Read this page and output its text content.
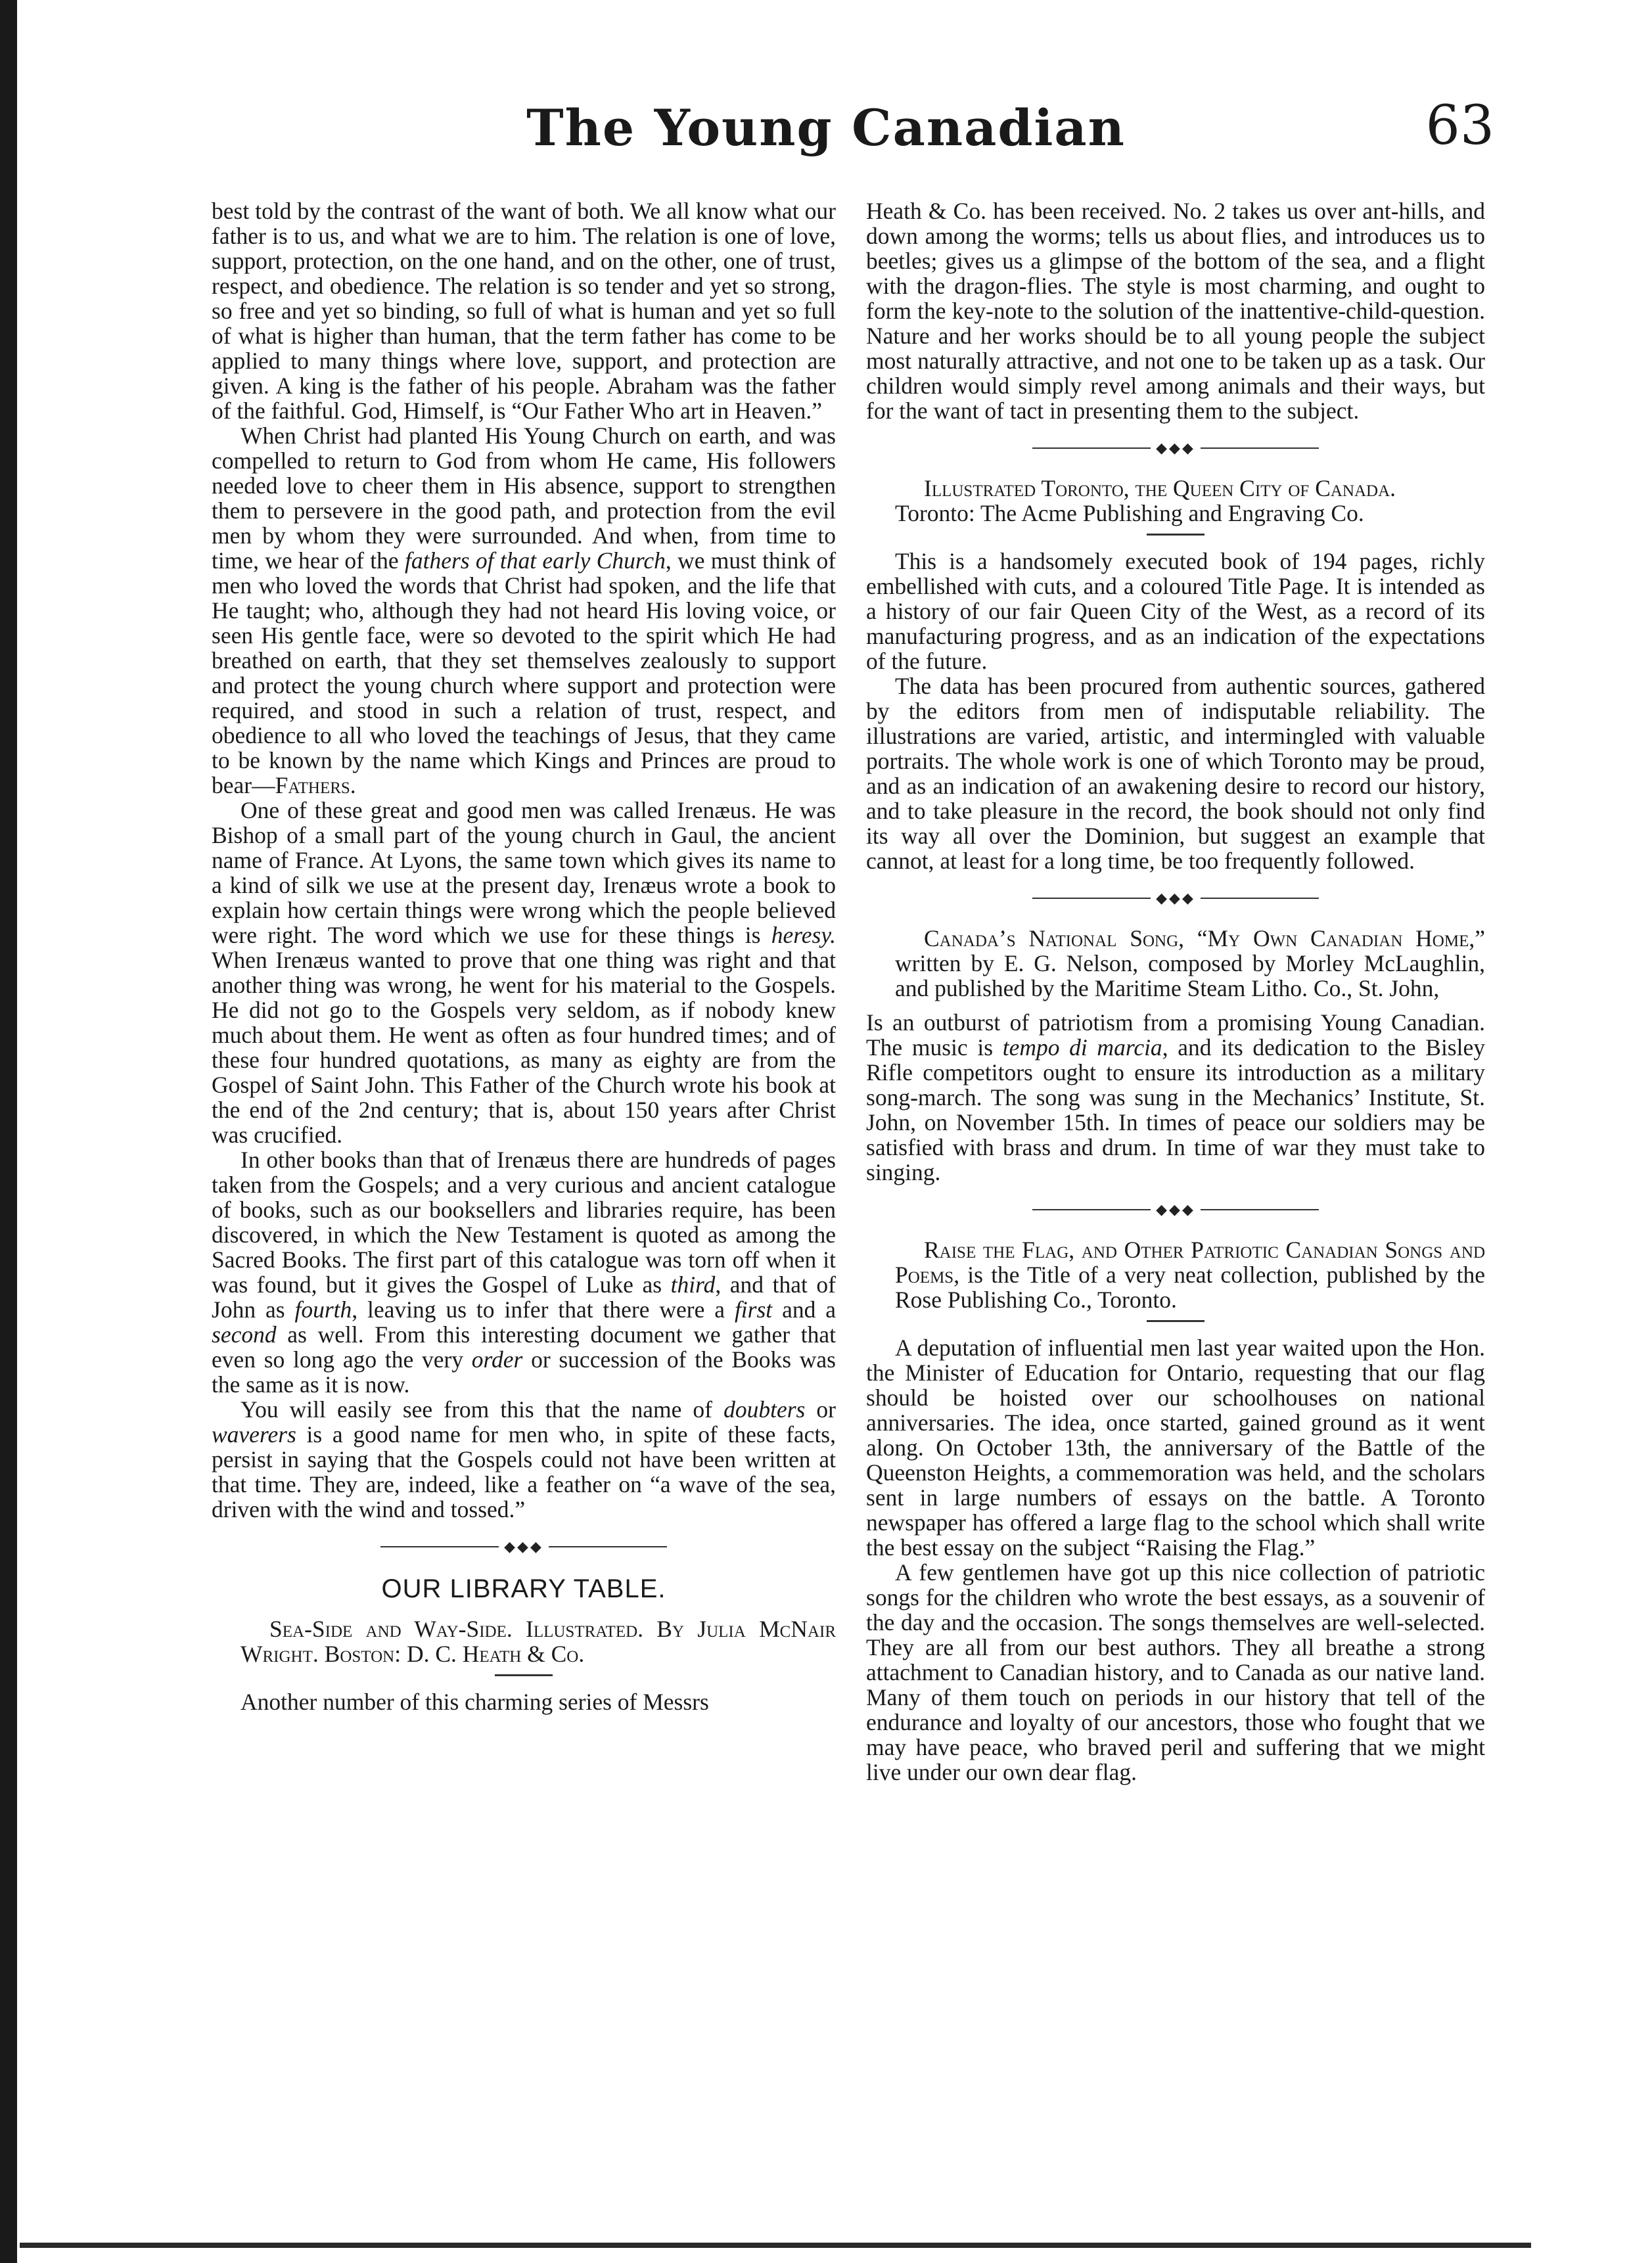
The Young Canadian	63

best told by the contrast of the want of both. We all know what our father is to us, and what we are to him. The relation is one of love, support, protection, on the one hand, and on the other, one of trust, respect, and obedience. The relation is so tender and yet so strong, so free and yet so binding, so full of what is human and yet so full of what is higher than human, that the term father has come to be applied to many things where love, support, and protection are given. A king is the father of his people. Abraham was the father of the faithful. God, Himself, is “Our Father Who art in Heaven.”

When Christ had planted His Young Church on earth, and was compelled to return to God from whom He came, His followers needed love to cheer them in His absence, support to strengthen them to persevere in the good path, and protection from the evil men by whom they were surrounded. And when, from time to time, we hear of the fathers of that early Church, we must think of men who loved the words that Christ had spoken, and the life that He taught; who, although they had not heard His loving voice, or seen His gentle face, were so devoted to the spirit which He had breathed on earth, that they set themselves zealously to support and protect the young church where support and protection were required, and stood in such a relation of trust, respect, and obedience to all who loved the teachings of Jesus, that they came to be known by the name which Kings and Princes are proud to bear—Fathers.

One of these great and good men was called Irenæus. He was Bishop of a small part of the young church in Gaul, the ancient name of France. At Lyons, the same town which gives its name to a kind of silk we use at the present day, Irenæus wrote a book to explain how certain things were wrong which the people believed were right. The word which we use for these things is heresy. When Irenæus wanted to prove that one thing was right and that another thing was wrong, he went for his material to the Gospels. He did not go to the Gospels very seldom, as if nobody knew much about them. He went as often as four hundred times; and of these four hundred quotations, as many as eighty are from the Gospel of Saint John. This Father of the Church wrote his book at the end of the 2nd century; that is, about 150 years after Christ was crucified.

In other books than that of Irenæus there are hundreds of pages taken from the Gospels; and a very curious and ancient catalogue of books, such as our booksellers and libraries require, has been discovered, in which the New Testament is quoted as among the Sacred Books. The first part of this catalogue was torn off when it was found, but it gives the Gospel of Luke as third, and that of John as fourth, leaving us to infer that there were a first and a second as well. From this interesting document we gather that even so long ago the very order or succession of the Books was the same as it is now.

You will easily see from this that the name of doubters or waverers is a good name for men who, in spite of these facts, persist in saying that the Gospels could not have been written at that time. They are, indeed, like a feather on “a wave of the sea, driven with the wind and tossed.”

◆◆◆
OUR LIBRARY TABLE.

Sea-Side and Way-Side. Illustrated. By Julia McNair Wright. Boston: D. C. Heath & Co.

Another number of this charming series of Messrs

Heath & Co. has been received. No. 2 takes us over ant-hills, and down among the worms; tells us about flies, and introduces us to beetles; gives us a glimpse of the bottom of the sea, and a flight with the dragon-flies. The style is most charming, and ought to form the key-note to the solution of the inattentive-child-question. Nature and her works should be to all young people the subject most naturally attractive, and not one to be taken up as a task. Our children would simply revel among animals and their ways, but for the want of tact in presenting them to the subject.

◆◆◆

Illustrated Toronto, the Queen City of Canada.
Toronto: The Acme Publishing and Engraving Co.

This is a handsomely executed book of 194 pages, richly embellished with cuts, and a coloured Title Page. It is intended as a history of our fair Queen City of the West, as a record of its manufacturing progress, and as an indication of the expectations of the future.

The data has been procured from authentic sources, gathered by the editors from men of indisputable reliability. The illustrations are varied, artistic, and intermingled with valuable portraits. The whole work is one of which Toronto may be proud, and as an indication of an awakening desire to record our history, and to take pleasure in the record, the book should not only find its way all over the Dominion, but suggest an example that cannot, at least for a long time, be too frequently followed.

◆◆◆

Canada’s National Song, “My Own Canadian Home,” written by E. G. Nelson, composed by Morley McLaughlin, and published by the Maritime Steam Litho. Co., St. John,

Is an outburst of patriotism from a promising Young Canadian. The music is tempo di marcia, and its dedication to the Bisley Rifle competitors ought to ensure its introduction as a military song-march. The song was sung in the Mechanics’ Institute, St. John, on November 15th. In times of peace our soldiers may be satisfied with brass and drum. In time of war they must take to singing.

◆◆◆

Raise the Flag, and Other Patriotic Canadian Songs and Poems, is the Title of a very neat collection, published by the Rose Publishing Co., Toronto.

A deputation of influential men last year waited upon the Hon. the Minister of Education for Ontario, requesting that our flag should be hoisted over our schoolhouses on national anniversaries. The idea, once started, gained ground as it went along. On October 13th, the anniversary of the Battle of the Queenston Heights, a commemoration was held, and the scholars sent in large numbers of essays on the battle. A Toronto newspaper has offered a large flag to the school which shall write the best essay on the subject “Raising the Flag.”

A few gentlemen have got up this nice collection of patriotic songs for the children who wrote the best essays, as a souvenir of the day and the occasion. The songs themselves are well-selected. They are all from our best authors. They all breathe a strong attachment to Canadian history, and to Canada as our native land. Many of them touch on periods in our history that tell of the endurance and loyalty of our ancestors, those who fought that we may have peace, who braved peril and suffering that we might live under our own dear flag.
